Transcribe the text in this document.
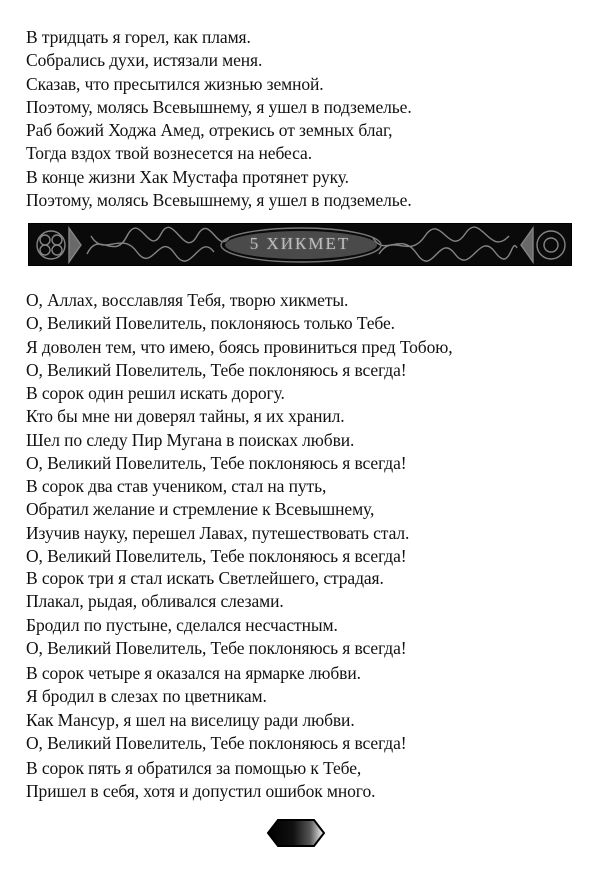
В тридцать я горел, как пламя.
Собрались духи, истязали меня.
Сказав, что пресытился жизнью земной.
Поэтому, молясь Всевышнему, я ушел в подземелье.
Раб божий Ходжа Амед, отрекись от земных благ,
Тогда вздох твой вознесется на небеса.
В конце жизни Хак Мустафа протянет руку.
Поэтому, молясь Всевышнему, я ушел в подземелье.
5 ХИКМЕТ
О, Аллах, восславляя Тебя, творю хикметы.
О, Великий Повелитель, поклоняюсь только Тебе.
Я доволен тем, что имею, боясь провиниться пред Тобою,
О, Великий Повелитель, Тебе поклоняюсь я всегда!
В сорок один решил искать дорогу.
Кто бы мне ни доверял тайны, я их хранил.
Шел по следу Пир Мугана в поисках любви.
О, Великий Повелитель, Тебе поклоняюсь я всегда!
В сорок два став учеником, стал на путь,
Обратил желание и стремление к Всевышнему,
Изучив науку, перешел Лавах, путешествовать стал.
О, Великий Повелитель, Тебе поклоняюсь я всегда!
В сорок три я стал искать Светлейшего, страдая.
Плакал, рыдая, обливался слезами.
Бродил по пустыне, сделался несчастным.
О, Великий Повелитель, Тебе поклоняюсь я всегда!
В сорок четыре я оказался на ярмарке любви.
Я бродил в слезах по цветникам.
Как Мансур, я шел на виселицу ради любви.
О, Великий Повелитель, Тебе поклоняюсь я всегда!
В сорок пять я обратился за помощью к Тебе,
Пришел в себя, хотя и допустил ошибок много.
